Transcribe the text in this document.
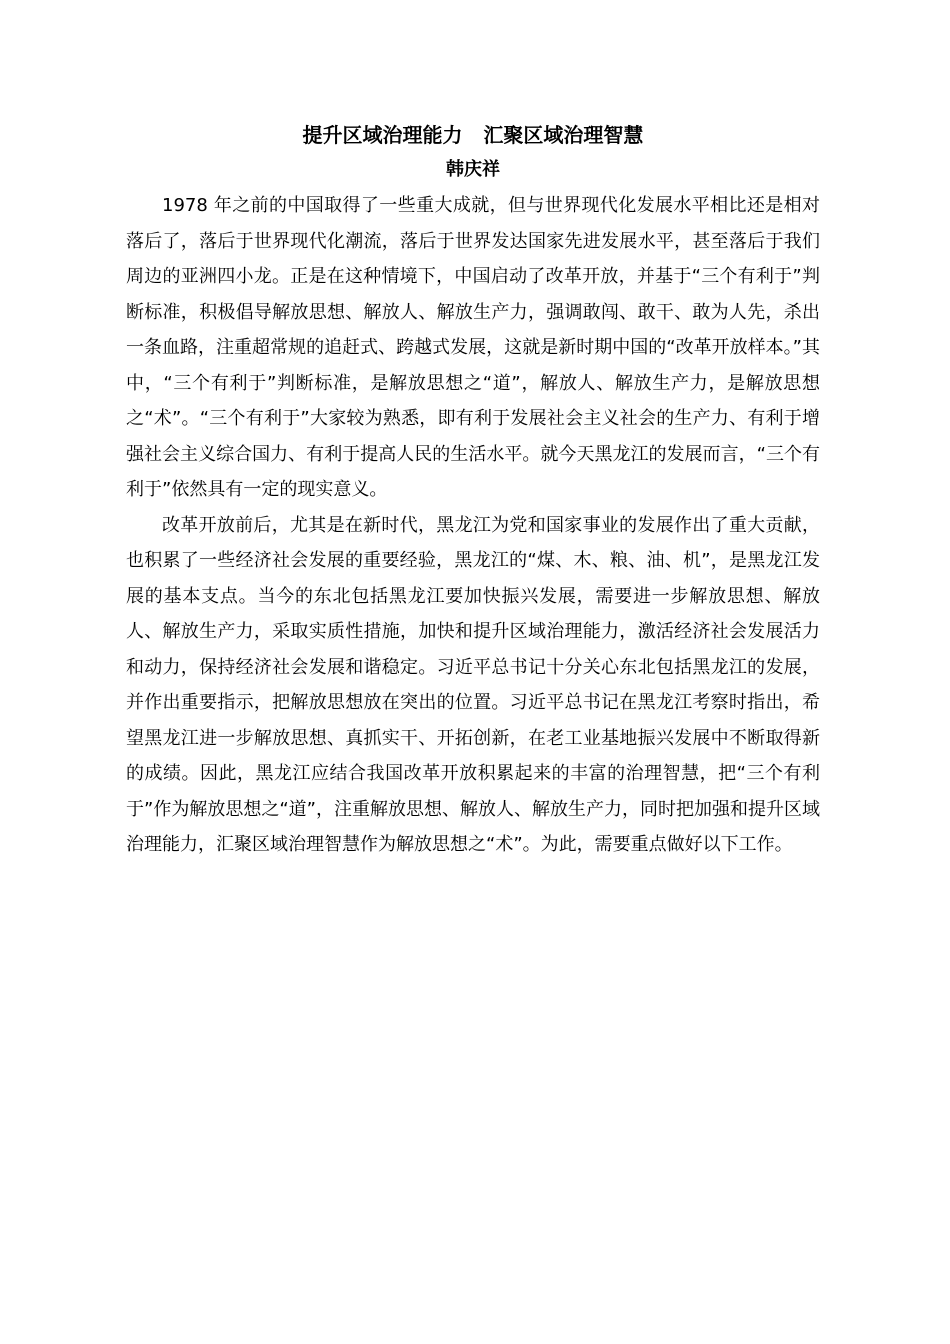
提升区域治理能力   汇聚区域治理智慧

韩庆祥

1978 年之前的中国取得了一些重大成就，但与世界现代化发展水平相比还是相对落后了，落后于世界现代化潮流，落后于世界发达国家先进发展水平，甚至落后于我们周边的亚洲四小龙。正是在这种情境下，中国启动了改革开放，并基于“三个有利于”判断标准，积极倡导解放思想、解放人、解放生产力，强调敢闯、敢干、敢为人先，杀出一条血路，注重超常规的追赶式、跨越式发展，这就是新时期中国的“改革开放样本。”其中，“三个有利于”判断标准，是解放思想之“道”，解放人、解放生产力，是解放思想之“术”。“三个有利于”大家较为熟悉，即有利于发展社会主义社会的生产力、有利于增强社会主义综合国力、有利于提高人民的生活水平。就今天黑龙江的发展而言，“三个有利于”依然具有一定的现实意义。

改革开放前后，尤其是在新时代，黑龙江为党和国家事业的发展作出了重大贡献，也积累了一些经济社会发展的重要经验，黑龙江的“煤、木、粮、油、机”，是黑龙江发展的基本支点。当今的东北包括黑龙江要加快振兴发展，需要进一步解放思想、解放人、解放生产力，采取实质性措施，加快和提升区域治理能力，激活经济社会发展活力和动力，保持经济社会发展和谐稳定。习近平总书记十分关心东北包括黑龙江的发展，并作出重要指示，把解放思想放在突出的位置。习近平总书记在黑龙江考察时指出，希望黑龙江进一步解放思想、真抓实干、开拓创新，在老工业基地振兴发展中不断取得新的成绩。因此，黑龙江应结合我国改革开放积累起来的丰富的治理智慧，把“三个有利于”作为解放思想之“道”，注重解放思想、解放人、解放生产力，同时把加强和提升区域治理能力，汇聚区域治理智慧作为解放思想之“术”。为此，需要重点做好以下工作。
